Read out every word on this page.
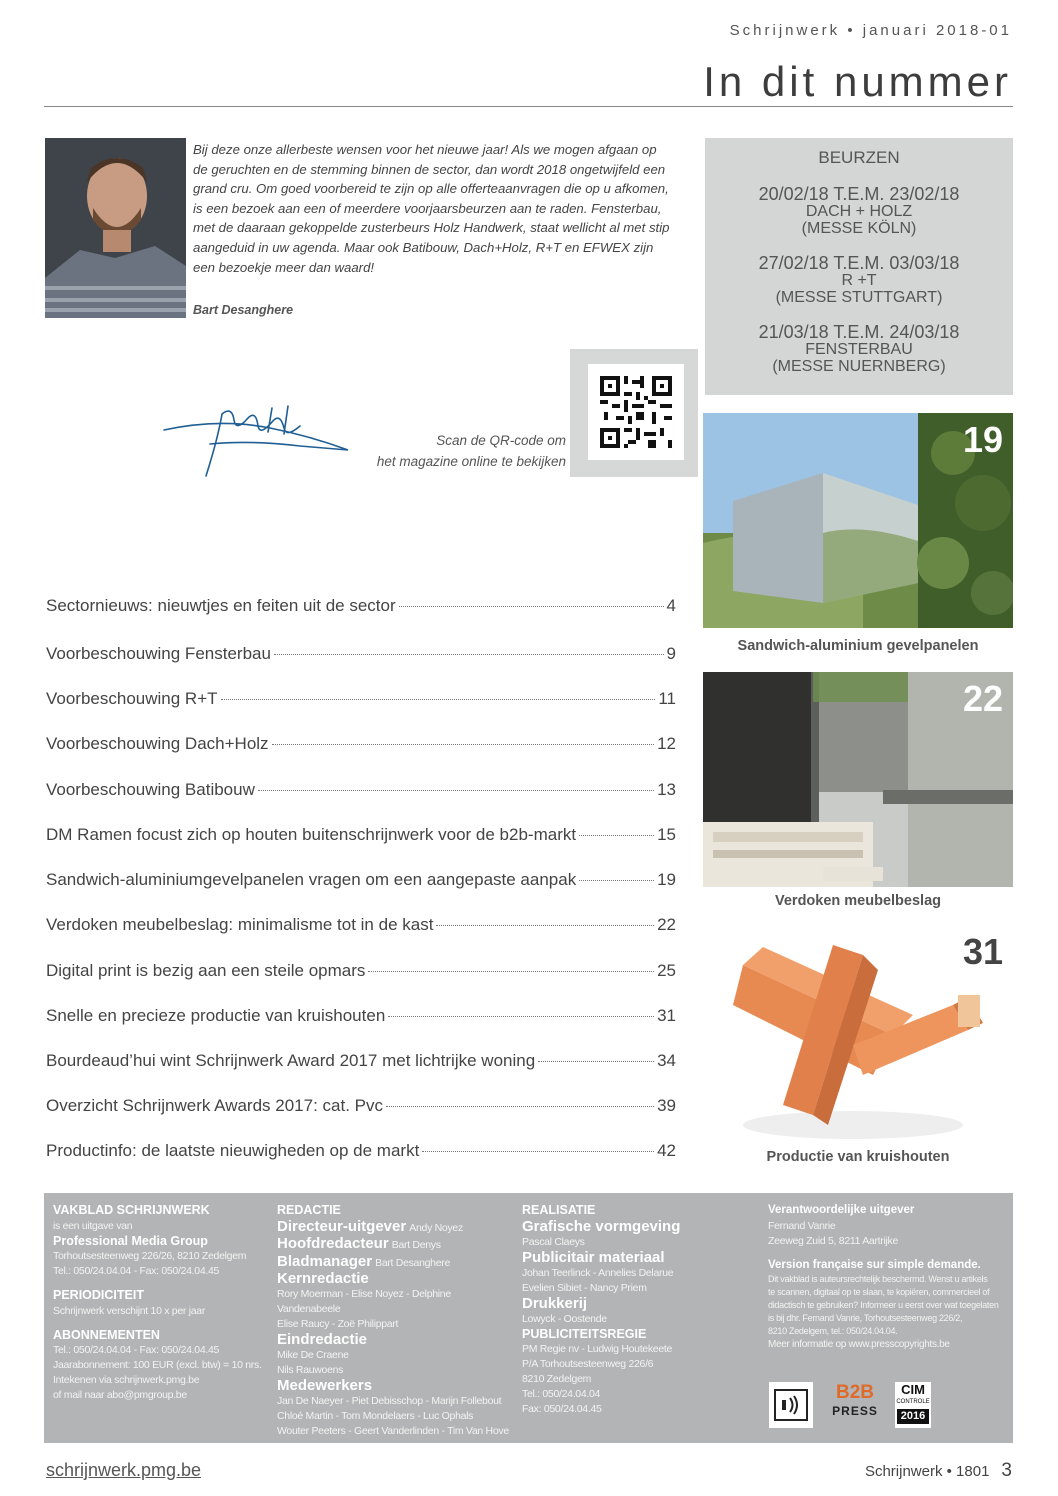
Schrijnwerk • januari 2018-01
In dit nummer
Bij deze onze allerbeste wensen voor het nieuwe jaar! Als we mogen afgaan op de geruchten en de stemming binnen de sector, dan wordt 2018 ongetwijfeld een grand cru. Om goed voorbereid te zijn op alle offerteaanvragen die op u afkomen, is een bezoek aan een of meerdere voorjaarsbeurzen aan te raden. Fensterbau, met de daaraan gekoppelde zusterbeurs Holz Handwerk, staat wellicht al met stip aangeduid in uw agenda. Maar ook Batibouw, Dach+Holz, R+T en EFWEX zijn een bezoekje meer dan waard!
Bart Desanghere
Scan de QR-code om
het magazine online te bekijken
BEURZEN
20/02/18 T.E.M. 23/02/18
DACH + HOLZ
(MESSE KÖLN)
27/02/18 T.E.M. 03/03/18
R +T
(MESSE STUTTGART)
21/03/18 T.E.M. 24/03/18
FENSTERBAU
(MESSE NUERNBERG)
19
Sandwich-aluminium gevelpanelen
22
Verdoken meubelbeslag
31
Productie van kruishouten
Sectornieuws: nieuwtjes en feiten uit de sector	4
Voorbeschouwing Fensterbau	9
Voorbeschouwing R+T	11
Voorbeschouwing Dach+Holz	12
Voorbeschouwing Batibouw	13
DM Ramen focust zich op houten buitenschrijnwerk voor de b2b-markt	15
Sandwich-aluminiumgevelpanelen vragen om een aangepaste aanpak	19
Verdoken meubelbeslag: minimalisme tot in de kast	22
Digital print is bezig aan een steile opmars	25
Snelle en precieze productie van kruishouten	31
Bourdeaud’hui wint Schrijnwerk Award 2017 met lichtrijke woning	34
Overzicht Schrijnwerk Awards 2017: cat. Pvc	39
Productinfo: de laatste nieuwigheden op de markt	42
VAKBLAD SCHRIJNWERK
is een uitgave van
Professional Media Group
Torhoutsesteenweg 226/26, 8210 Zedelgem
Tel.: 050/24.04.04 - Fax: 050/24.04.45
PERIODICITEIT
Schrijnwerk verschijnt 10 x per jaar
ABONNEMENTEN
Tel.: 050/24.04.04 - Fax: 050/24.04.45
Jaarabonnement: 100 EUR (excl. btw) = 10 nrs.
Intekenen via schrijnwerk.pmg.be
of mail naar abo@pmgroup.be
REDACTIE
Directeur-uitgever Andy Noyez
Hoofdredacteur Bart Denys
Bladmanager Bart Desanghere
Kernredactie
Rory Moerman - Elise Noyez - Delphine Vandenabeele
Elise Raucy - Zoë Philippart
Eindredactie
Mike De Craene
Nils Rauwoens
Medewerkers
Jan De Naeyer - Piet Debisschop - Marijn Follebout
Chloé Martin - Tom Mondelaers - Luc Ophals
Wouter Peeters - Geert Vanderlinden - Tim Van Hove
REALISATIE
Grafische vormgeving
Pascal Claeys
Publicitair materiaal
Johan Teerlinck - Annelies Delarue
Evelien Sibiet - Nancy Priem
Drukkerij
Lowyck - Oostende
PUBLICITEITSREGIE
PM Regie nv - Ludwig Houtekeete
P/A Torhoutsesteenweg 226/6
8210 Zedelgem
Tel.: 050/24.04.04
Fax: 050/24.04.45
Verantwoordelijke uitgever
Fernand Vanrie
Zeeweg Zuid 5, 8211 Aartrijke
Version française sur simple demande.
Dit vakblad is auteursrechtelijk beschermd. Wenst u artikels
te scannen, digitaal op te slaan, te kopiëren, commercieel of
didactisch te gebruiken? Informeer u eerst over wat toegelaten
is bij dhr. Fernand Vanrie, Torhoutsesteenweg 226/2,
8210 Zedelgem, tel.: 050/24.04.04.
Meer informatie op www.presscopyrights.be
B2B
PRESS
CIM
CONTROLE
2016
schrijnwerk.pmg.be	Schrijnwerk • 1801 3
